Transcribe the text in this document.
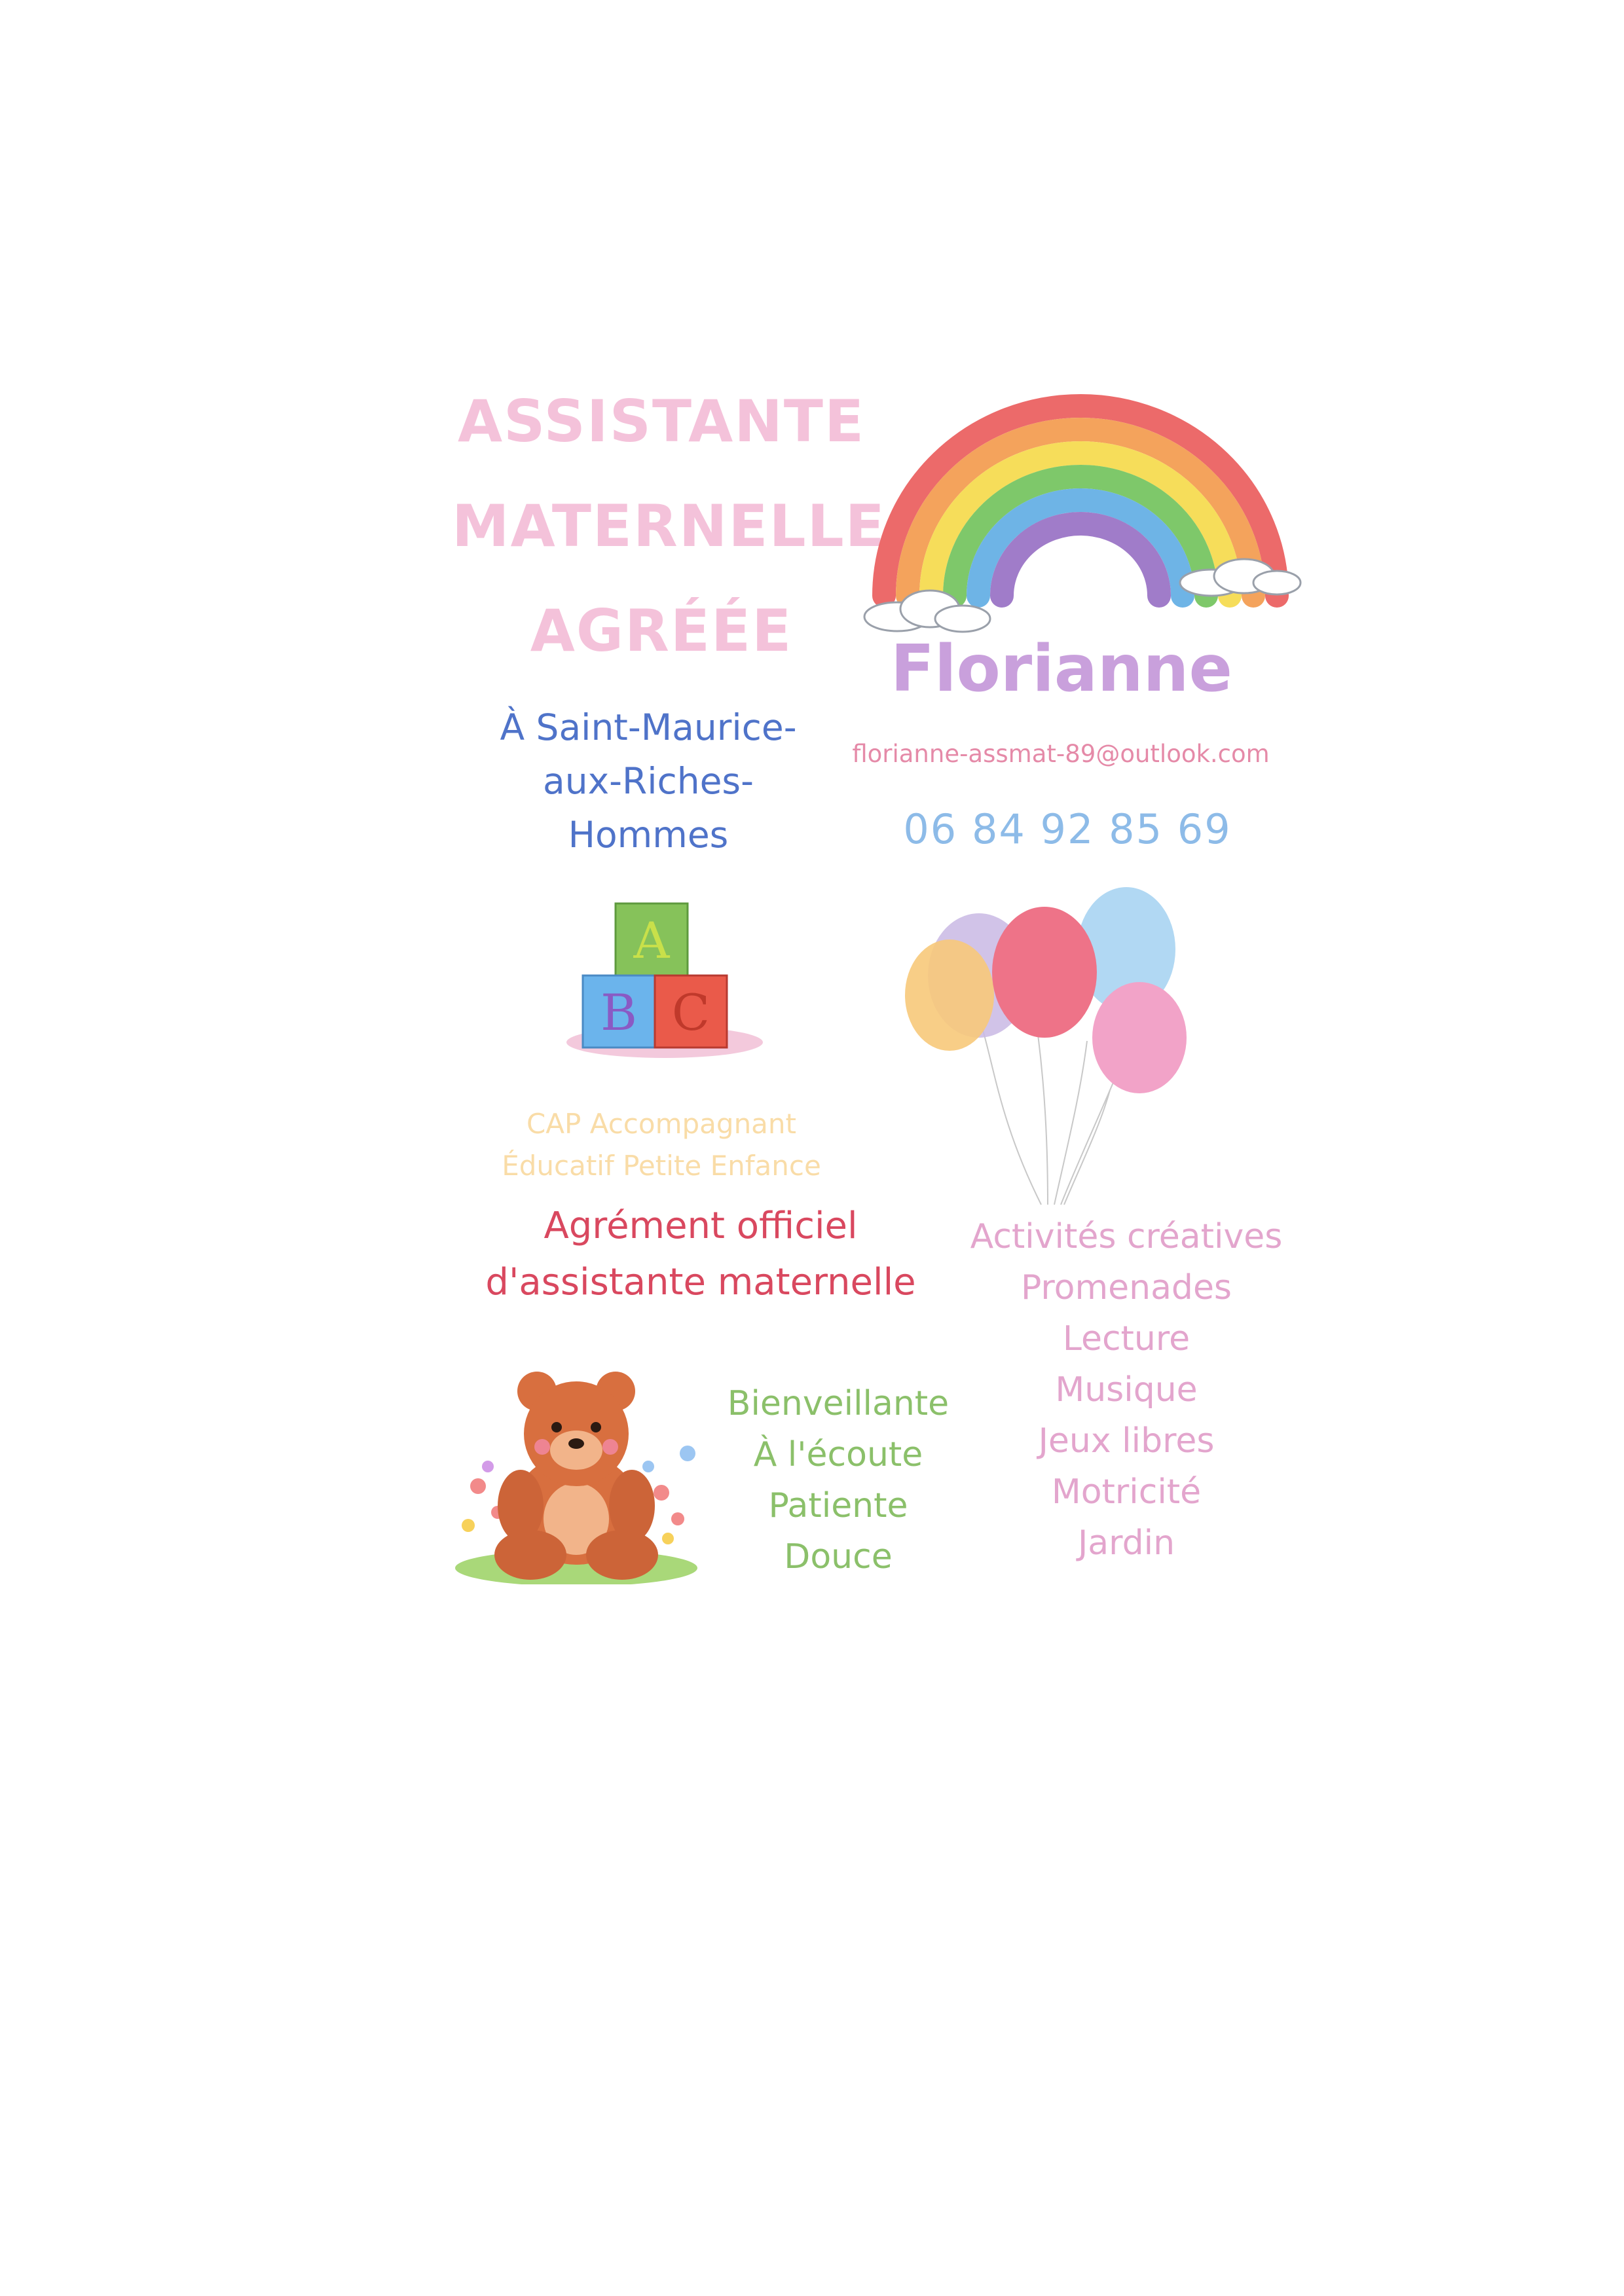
ASSISTANTE
MATERNELLE
AGRÉÉE
Florianne
À Saint-Maurice-
aux-Riches-
Hommes
florianne-assmat-89@outlook.com
06 84 92 85 69
A
B C
CAP Accompagnant
Éducatif Petite Enfance
Agrément officiel
d'assistante maternelle
Activités créatives
Promenades
Lecture
Musique
Jeux libres
Motricité
Jardin
Bienveillante
À l'écoute
Patiente
Douce
